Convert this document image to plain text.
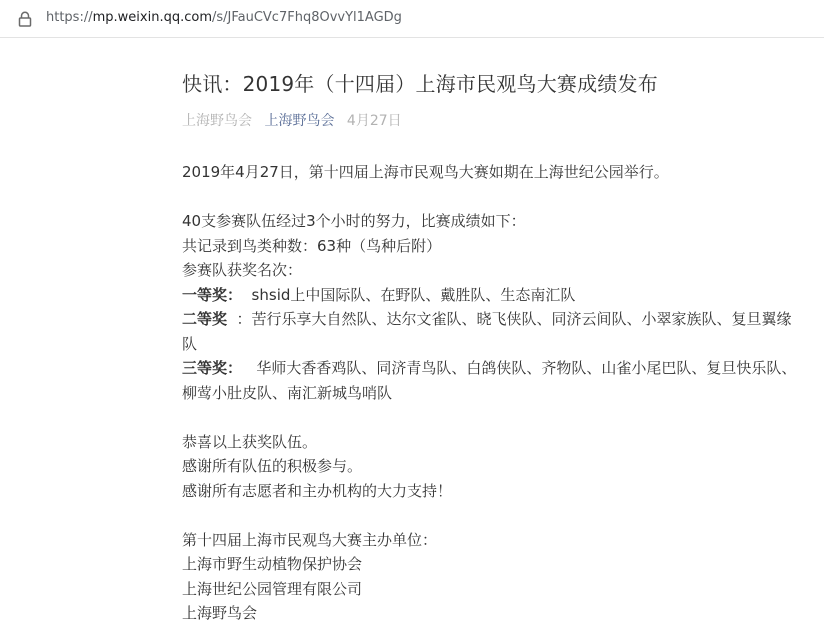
https://mp.weixin.qq.com/s/JFauCVc7Fhq8OvvYl1AGDg
快讯：2019年（十四届）上海市民观鸟大赛成绩发布
上海野鸟会 上海野鸟会 4月27日

2019年4月27日，第十四届上海市民观鸟大赛如期在上海世纪公园举行。

40支参赛队伍经过3个小时的努力，比赛成绩如下：

共记录到鸟类种数：63种（鸟种后附）

参赛队获奖名次：

一等奖：  shsid上中国际队、在野队、戴胜队、生态南汇队

二等奖  ：苦行乐享大自然队、达尔文雀队、晓飞侠队、同济云间队、小翠家族队、复旦翼缘队

三等奖：   华师大香香鸡队、同济青鸟队、白鸽侠队、齐物队、山雀小尾巴队、复旦快乐队、柳莺小肚皮队、南汇新城鸟哨队

恭喜以上获奖队伍。

感谢所有队伍的积极参与。

感谢所有志愿者和主办机构的大力支持！

第十四届上海市民观鸟大赛主办单位：

上海市野生动植物保护协会

上海世纪公园管理有限公司

上海野鸟会
